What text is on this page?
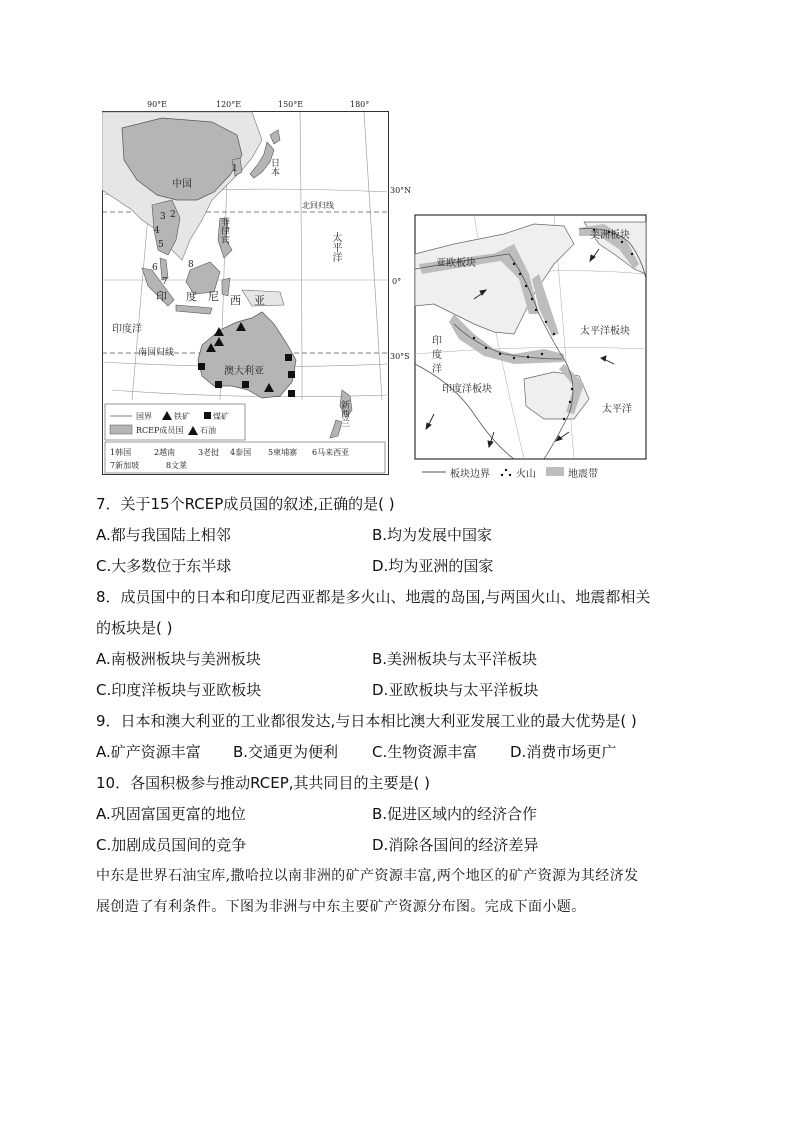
90°E	120°E	150°E	180°
30°N
0°
30°S
北回归线
南回归线
中国
日本
菲律宾
太平洋
印 度 尼 西 亚
印度洋
澳大利亚
新西兰
1
2
3
4
5
6
7
8
国界	铁矿	煤矿
RCEP成员国 石油
1韩国	2越南	3老挝 4泰国 5柬埔寨 6马来西亚
7新加坡	8文莱
美洲板块
亚欧板块
太平洋板块
印度洋板块
印
度
洋
太平洋
板块边界	火山	地震带
7．关于15个RCEP成员国的叙述,正确的是( )
A.都与我国陆上相邻	B.均为发展中国家
C.大多数位于东半球	D.均为亚洲的国家
8．成员国中的日本和印度尼西亚都是多火山、地震的岛国,与两国火山、地震都相关
的板块是( )
A.南极洲板块与美洲板块	B.美洲板块与太平洋板块
C.印度洋板块与亚欧板块	D.亚欧板块与太平洋板块
9．日本和澳大利亚的工业都很发达,与日本相比澳大利亚发展工业的最大优势是( )
A.矿产资源丰富 B.交通更为便利 C.生物资源丰富 D.消费市场更广
10．各国积极参与推动RCEP,其共同目的主要是( )
A.巩固富国更富的地位	B.促进区域内的经济合作
C.加剧成员国间的竞争	D.消除各国间的经济差异
中东是世界石油宝库,撒哈拉以南非洲的矿产资源丰富,两个地区的矿产资源为其经济发
展创造了有利条件。下图为非洲与中东主要矿产资源分布图。完成下面小题。
